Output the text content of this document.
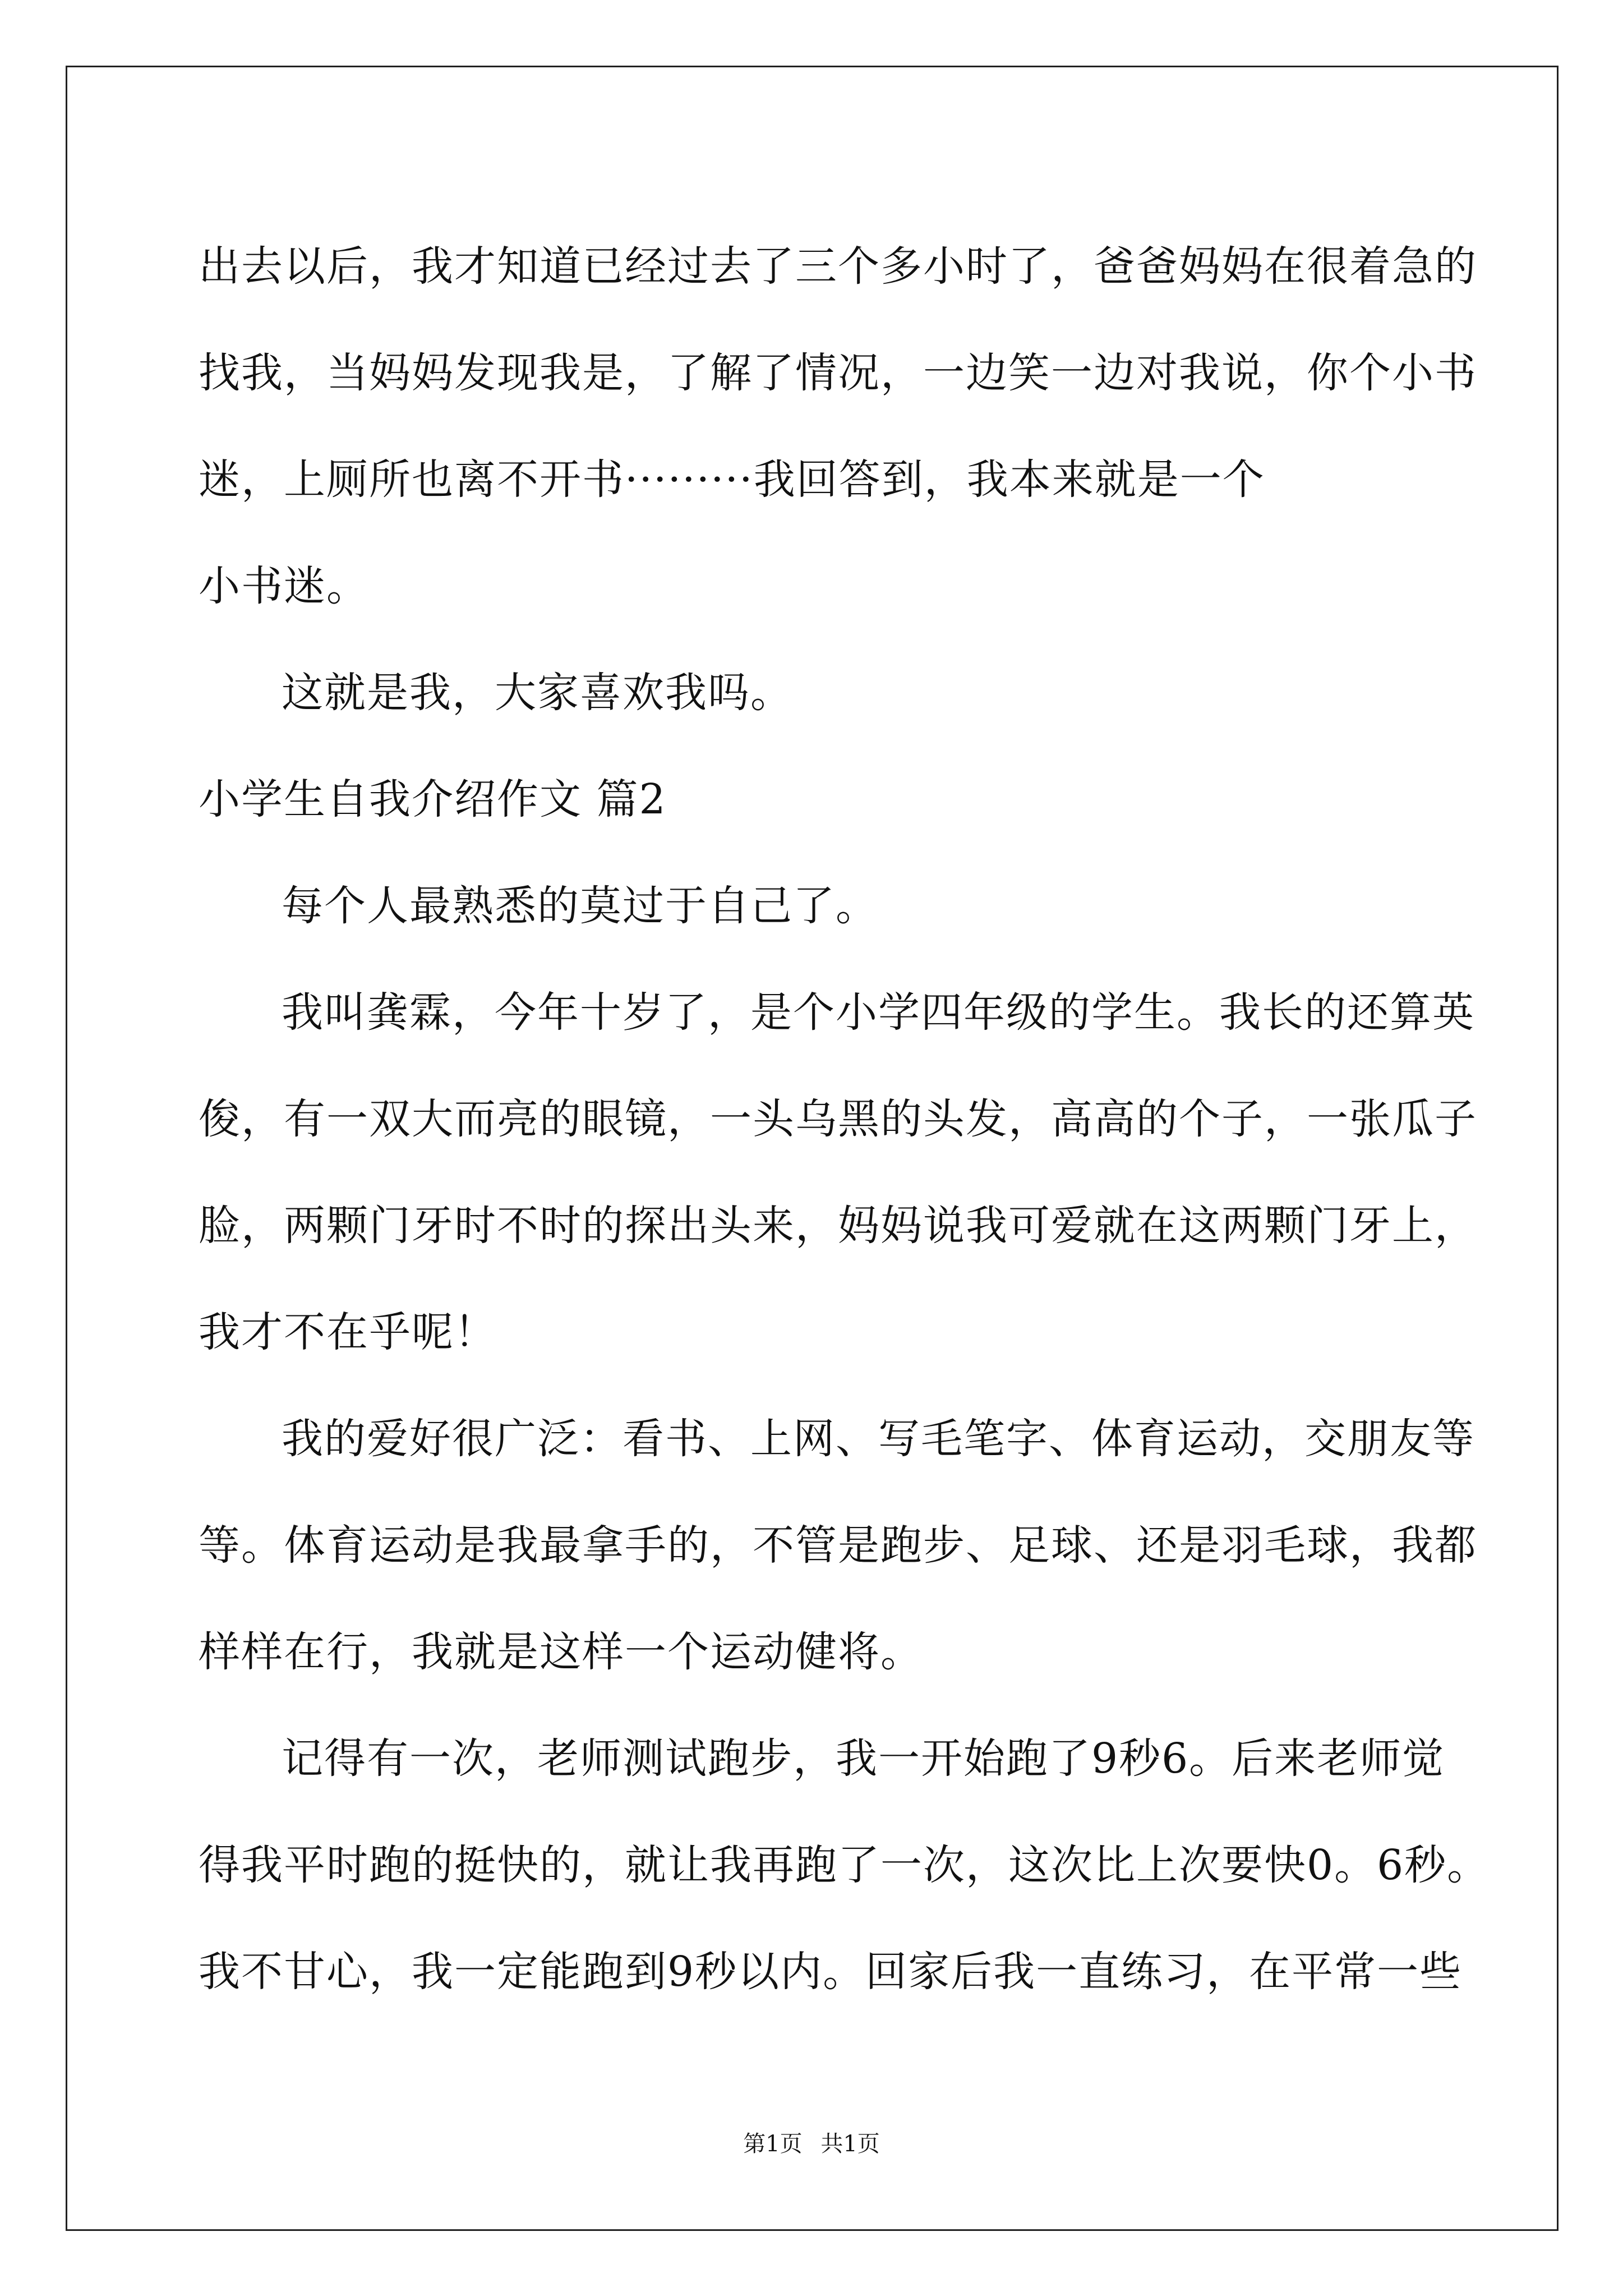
出去以后，我才知道已经过去了三个多小时了，爸爸妈妈在很着急的
找我，当妈妈发现我是，了解了情况，一边笑一边对我说，你个小书
迷，上厕所也离不开书·········我回答到，我本来就是一个
小书迷。
这就是我，大家喜欢我吗。
小学生自我介绍作文 篇2
每个人最熟悉的莫过于自己了。
我叫龚霖，今年十岁了，是个小学四年级的学生。我长的还算英
俊，有一双大而亮的眼镜，一头乌黑的头发，高高的个子，一张瓜子
脸，两颗门牙时不时的探出头来，妈妈说我可爱就在这两颗门牙上，
我才不在乎呢！
我的爱好很广泛：看书、上网、写毛笔字、体育运动，交朋友等
等。体育运动是我最拿手的，不管是跑步、足球、还是羽毛球，我都
样样在行，我就是这样一个运动健将。
记得有一次，老师测试跑步，我一开始跑了9秒6。后来老师觉
得我平时跑的挺快的，就让我再跑了一次，这次比上次要快0。6秒。
我不甘心，我一定能跑到9秒以内。回家后我一直练习，在平常一些
第1页 共1页
